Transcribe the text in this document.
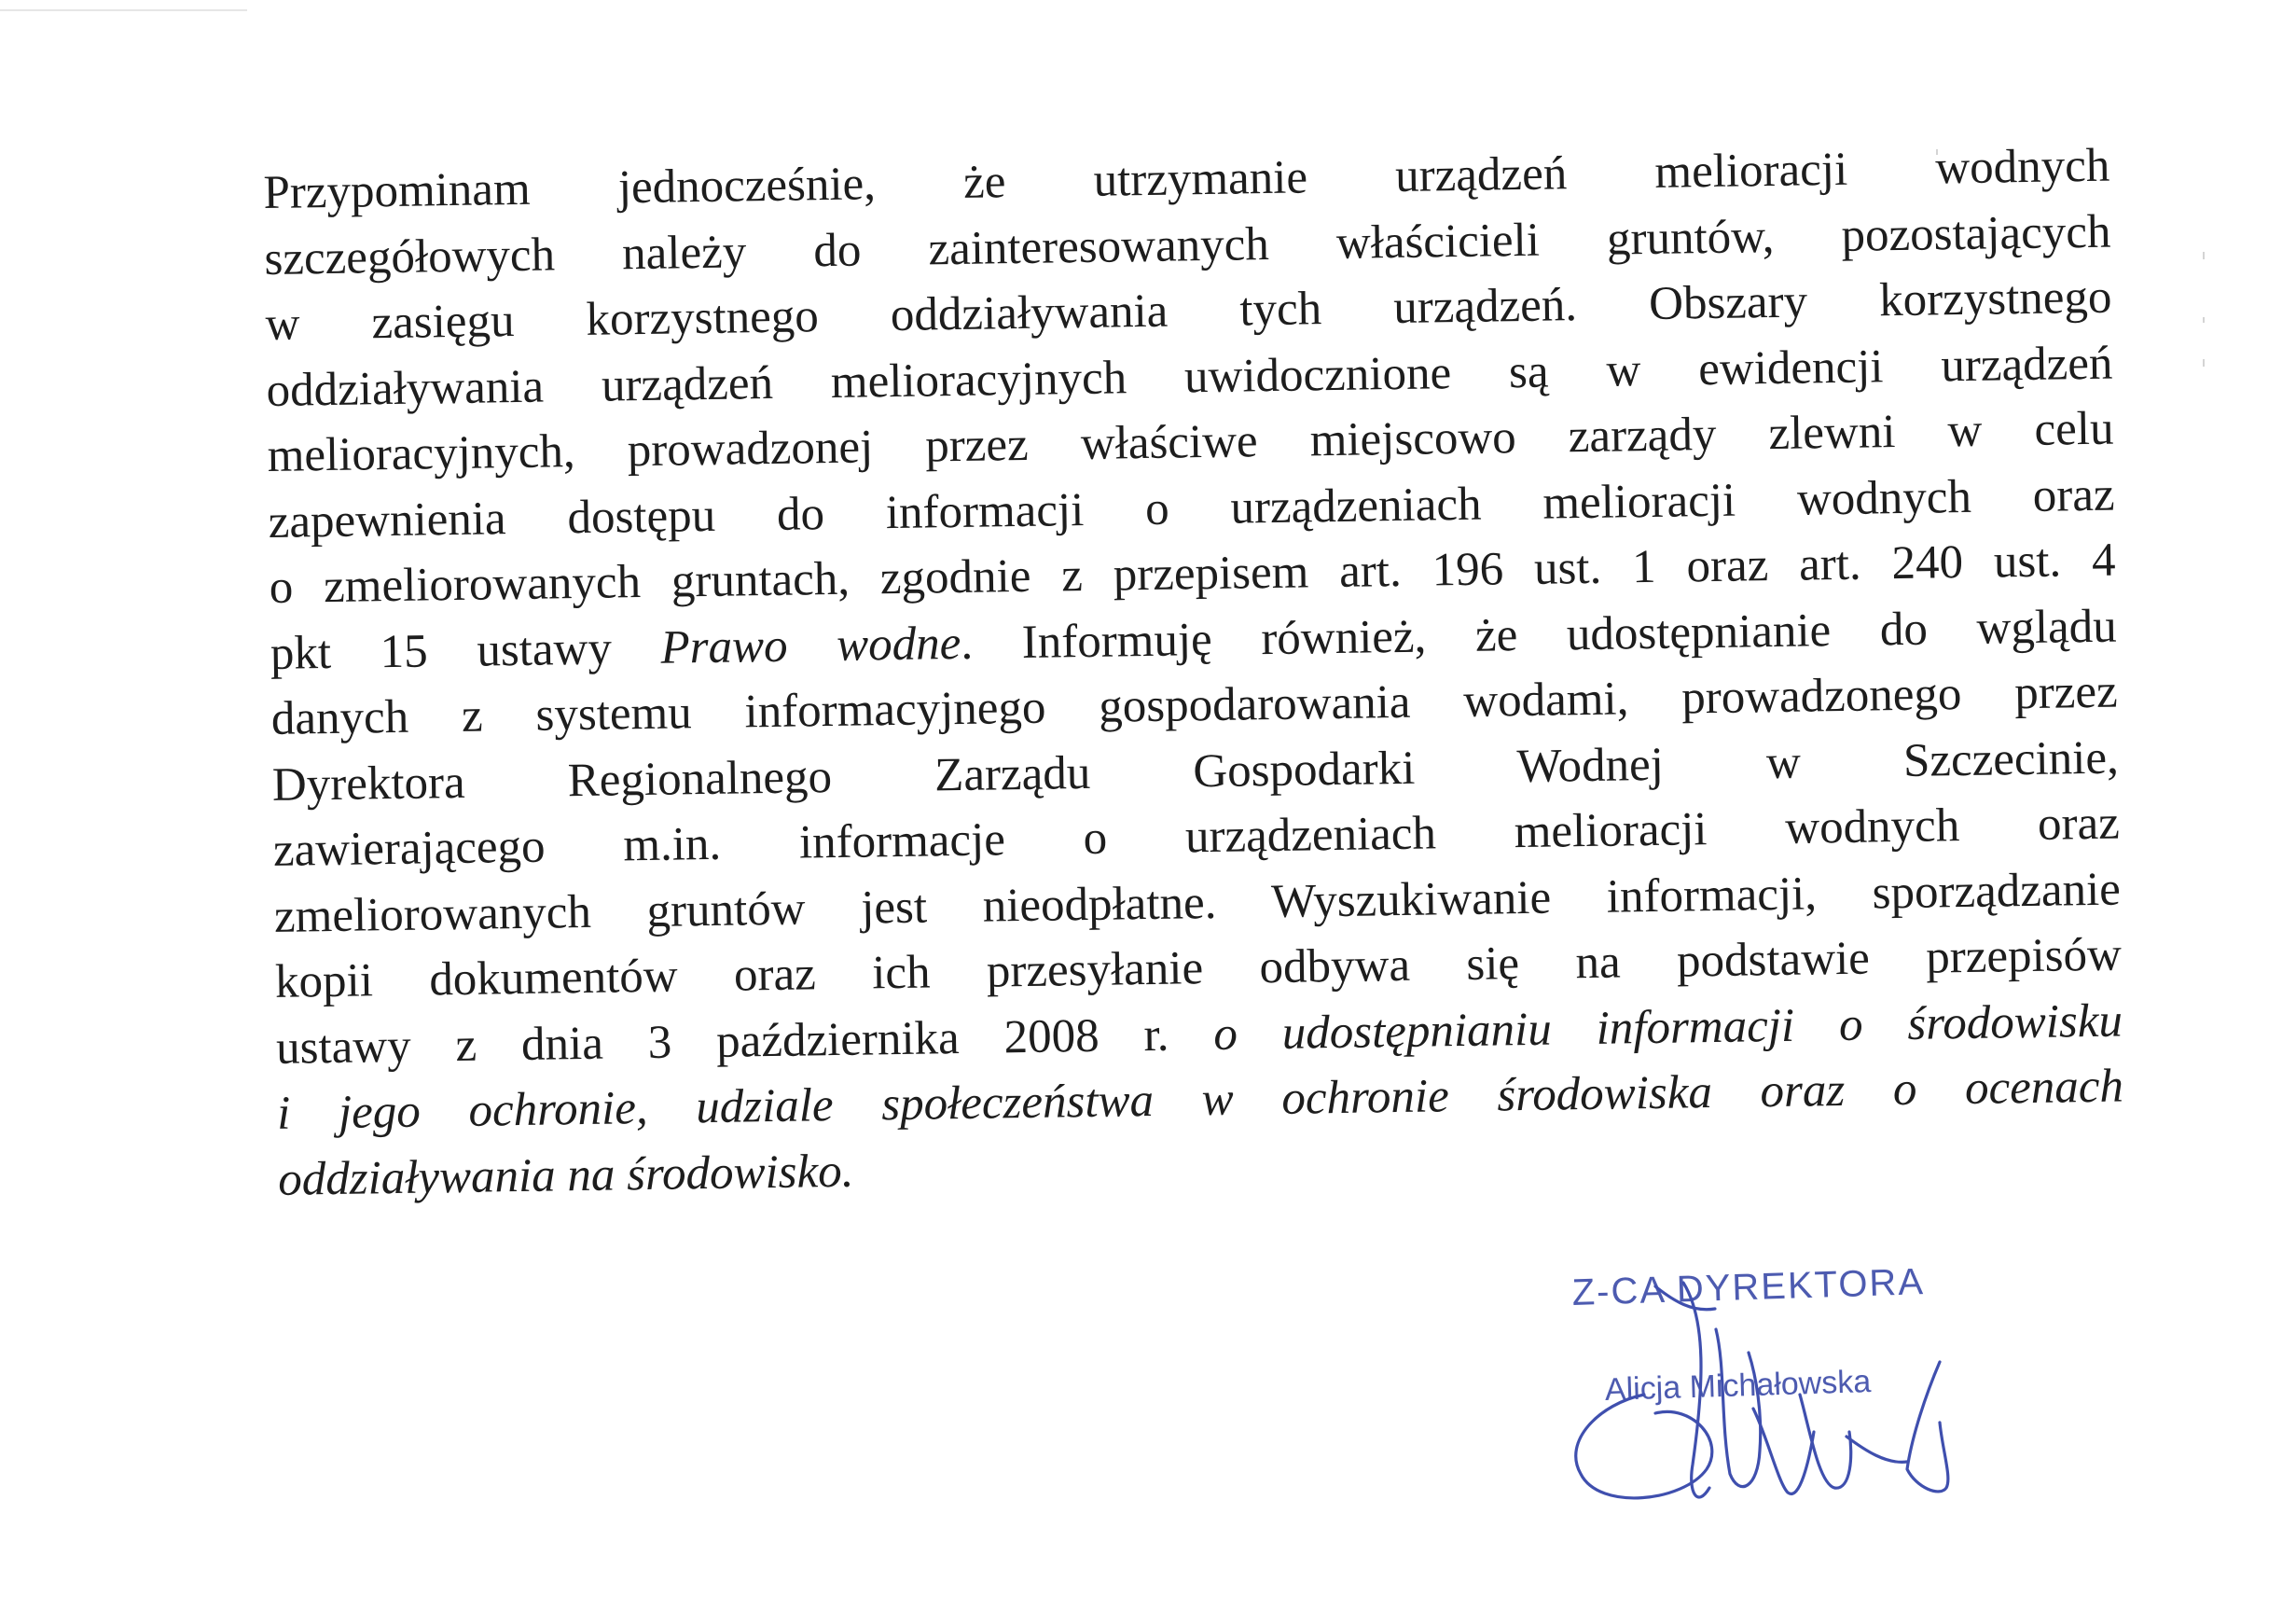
Przypominam jednocześnie, że utrzymanie urządzeń melioracji wodnych
szczegółowych należy do zainteresowanych właścicieli gruntów, pozostających
w zasięgu korzystnego oddziaływania tych urządzeń. Obszary korzystnego
oddziaływania urządzeń melioracyjnych uwidocznione są w ewidencji urządzeń
melioracyjnych, prowadzonej przez właściwe miejscowo zarządy zlewni w celu
zapewnienia dostępu do informacji o urządzeniach melioracji wodnych oraz
o zmeliorowanych gruntach, zgodnie z przepisem art. 196 ust. 1 oraz art. 240 ust. 4
pkt 15 ustawy Prawo wodne. Informuję również, że udostępnianie do wglądu
danych z systemu informacyjnego gospodarowania wodami, prowadzonego przez
Dyrektora Regionalnego Zarządu Gospodarki Wodnej w Szczecinie,
zawierającego m.in. informacje o urządzeniach melioracji wodnych oraz
zmeliorowanych gruntów jest nieodpłatne. Wyszukiwanie informacji, sporządzanie
kopii dokumentów oraz ich przesyłanie odbywa się na podstawie przepisów
ustawy z dnia 3 października 2008 r. o udostępnianiu informacji o środowisku
i jego ochronie, udziale społeczeństwa w ochronie środowiska oraz o ocenach
oddziaływania na środowisko.
Z-CA DYREKTORA
Alicja Michałowska
